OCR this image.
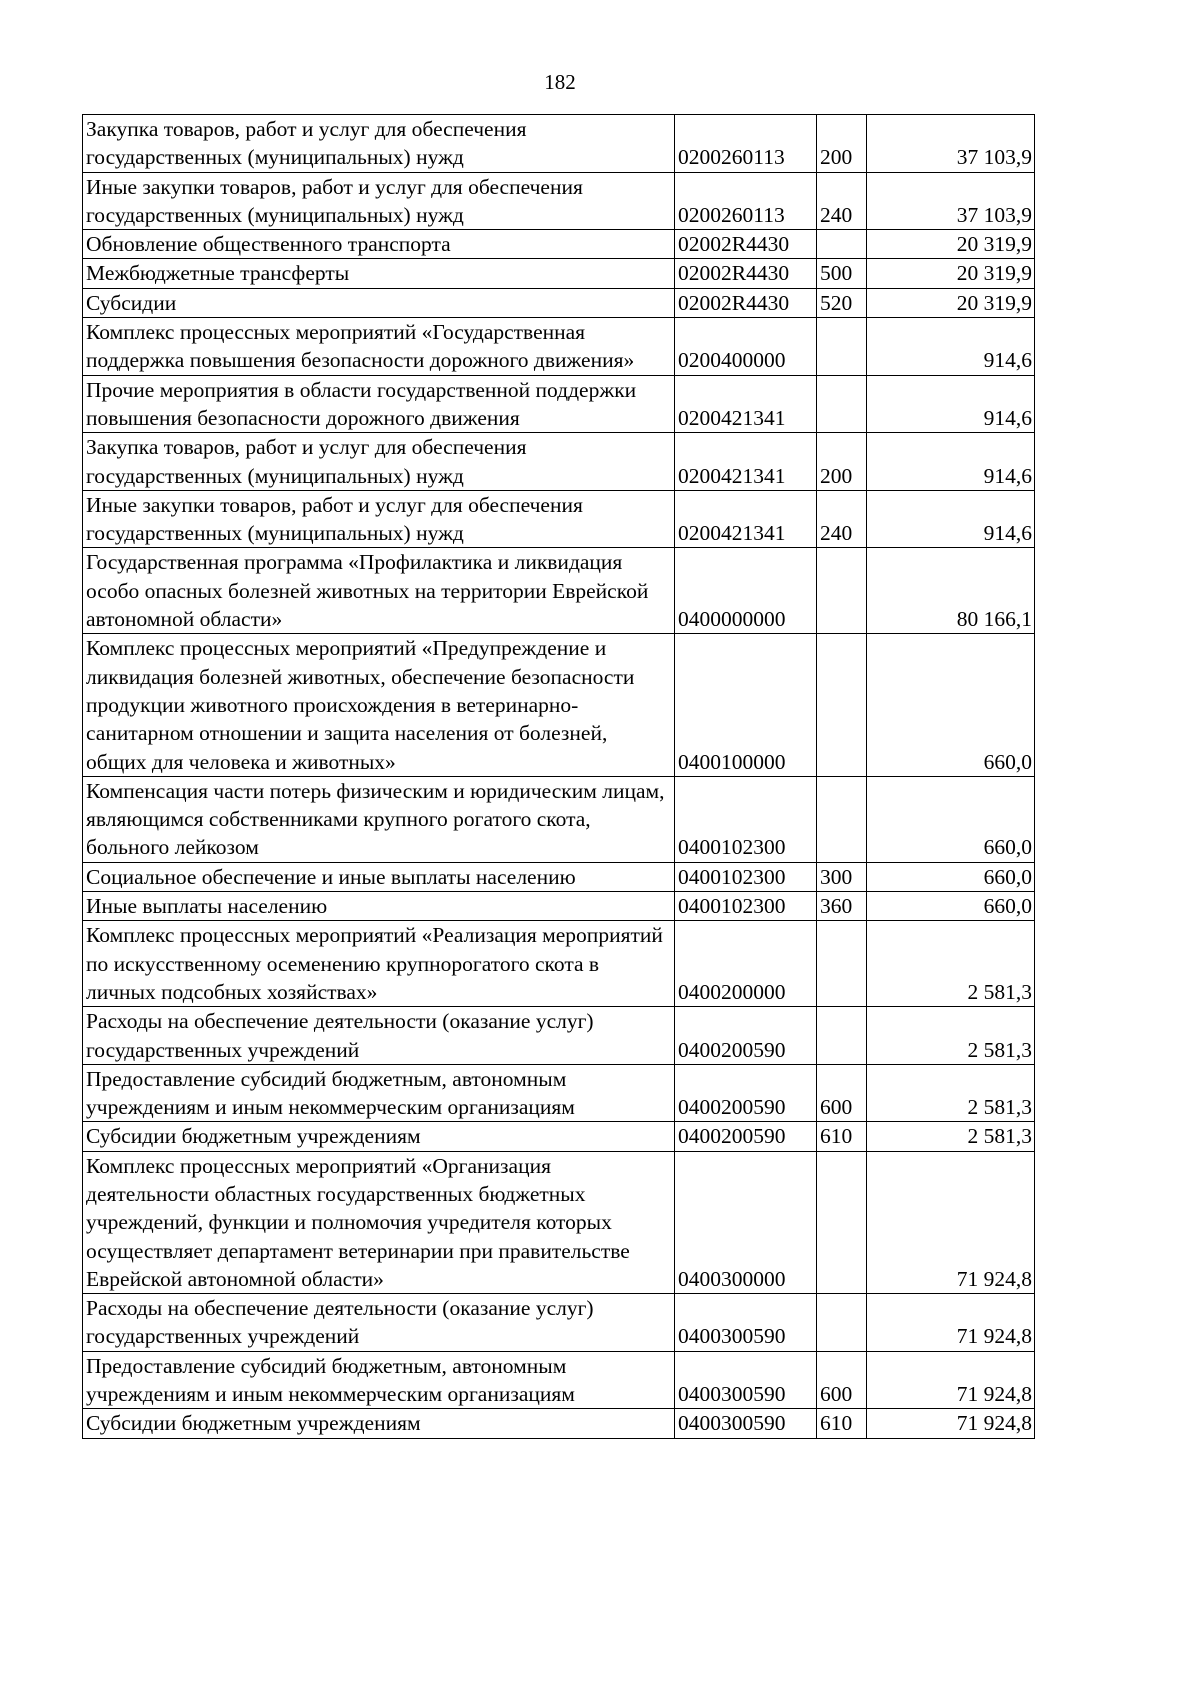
182
Закупка товаров, работ и услуг для обеспечения государственных (муниципальных) нужд	0200260113	200	37 103,9
Иные закупки товаров, работ и услуг для обеспечения государственных (муниципальных) нужд	0200260113	240	37 103,9
Обновление общественного транспорта	02002R4430		20 319,9
Межбюджетные трансферты	02002R4430	500	20 319,9
Субсидии	02002R4430	520	20 319,9
Комплекс процессных мероприятий «Государственная поддержка повышения безопасности дорожного движения»	0200400000		914,6
Прочие мероприятия в области государственной поддержки повышения безопасности дорожного движения	0200421341		914,6
Закупка товаров, работ и услуг для обеспечения государственных (муниципальных) нужд	0200421341	200	914,6
Иные закупки товаров, работ и услуг для обеспечения государственных (муниципальных) нужд	0200421341	240	914,6
Государственная программа «Профилактика и ликвидация особо опасных болезней животных на территории Еврейской автономной области»	0400000000		80 166,1
Комплекс процессных мероприятий «Предупреждение и ликвидация болезней животных, обеспечение безопасности продукции животного происхождения в ветеринарно-санитарном отношении и защита населения от болезней, общих для человека и животных»	0400100000		660,0
Компенсация части потерь физическим и юридическим лицам, являющимся собственниками крупного рогатого скота, больного лейкозом	0400102300		660,0
Социальное обеспечение и иные выплаты населению	0400102300	300	660,0
Иные выплаты населению	0400102300	360	660,0
Комплекс процессных мероприятий «Реализация мероприятий по искусственному осеменению крупнорогатого скота в личных подсобных хозяйствах»	0400200000		2 581,3
Расходы на обеспечение деятельности (оказание услуг) государственных учреждений	0400200590		2 581,3
Предоставление субсидий бюджетным, автономным учреждениям и иным некоммерческим организациям	0400200590	600	2 581,3
Субсидии бюджетным учреждениям	0400200590	610	2 581,3
Комплекс процессных мероприятий «Организация деятельности областных государственных бюджетных учреждений, функции и полномочия учредителя которых осуществляет департамент ветеринарии при правительстве Еврейской автономной области»	0400300000		71 924,8
Расходы на обеспечение деятельности (оказание услуг) государственных учреждений	0400300590		71 924,8
Предоставление субсидий бюджетным, автономным учреждениям и иным некоммерческим организациям	0400300590	600	71 924,8
Субсидии бюджетным учреждениям	0400300590	610	71 924,8
